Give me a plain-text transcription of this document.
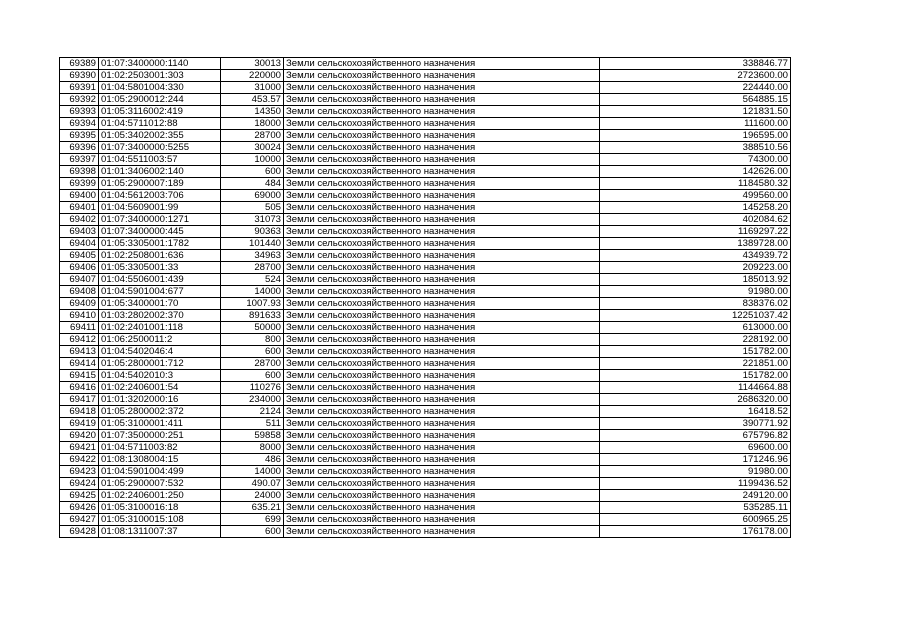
69389	01:07:3400000:1140	30013	Земли сельскохозяйственного назначения	338846.77
69390	01:02:2503001:303	220000	Земли сельскохозяйственного назначения	2723600.00
69391	01:04:5801004:330	31000	Земли сельскохозяйственного назначения	224440.00
69392	01:05:2900012:244	453.57	Земли сельскохозяйственного назначения	564885.15
69393	01:05:3116002:419	14350	Земли сельскохозяйственного назначения	121831.50
69394	01:04:5711012:88	18000	Земли сельскохозяйственного назначения	111600.00
69395	01:05:3402002:355	28700	Земли сельскохозяйственного назначения	196595.00
69396	01:07:3400000:5255	30024	Земли сельскохозяйственного назначения	388510.56
69397	01:04:5511003:57	10000	Земли сельскохозяйственного назначения	74300.00
69398	01:01:3406002:140	600	Земли сельскохозяйственного назначения	142626.00
69399	01:05:2900007:189	484	Земли сельскохозяйственного назначения	1184580.32
69400	01:04:5612003:706	69000	Земли сельскохозяйственного назначения	499560.00
69401	01:04:5609001:99	505	Земли сельскохозяйственного назначения	145258.20
69402	01:07:3400000:1271	31073	Земли сельскохозяйственного назначения	402084.62
69403	01:07:3400000:445	90363	Земли сельскохозяйственного назначения	1169297.22
69404	01:05:3305001:1782	101440	Земли сельскохозяйственного назначения	1389728.00
69405	01:02:2508001:636	34963	Земли сельскохозяйственного назначения	434939.72
69406	01:05:3305001:33	28700	Земли сельскохозяйственного назначения	209223.00
69407	01:04:5506001:439	524	Земли сельскохозяйственного назначения	185013.92
69408	01:04:5901004:677	14000	Земли сельскохозяйственного назначения	91980.00
69409	01:05:3400001:70	1007.93	Земли сельскохозяйственного назначения	838376.02
69410	01:03:2802002:370	891633	Земли сельскохозяйственного назначения	12251037.42
69411	01:02:2401001:118	50000	Земли сельскохозяйственного назначения	613000.00
69412	01:06:2500011:2	800	Земли сельскохозяйственного назначения	228192.00
69413	01:04:5402046:4	600	Земли сельскохозяйственного назначения	151782.00
69414	01:05:2800001:712	28700	Земли сельскохозяйственного назначения	221851.00
69415	01:04:5402010:3	600	Земли сельскохозяйственного назначения	151782.00
69416	01:02:2406001:54	110276	Земли сельскохозяйственного назначения	1144664.88
69417	01:01:3202000:16	234000	Земли сельскохозяйственного назначения	2686320.00
69418	01:05:2800002:372	2124	Земли сельскохозяйственного назначения	16418.52
69419	01:05:3100001:411	511	Земли сельскохозяйственного назначения	390771.92
69420	01:07:3500000:251	59858	Земли сельскохозяйственного назначения	675796.82
69421	01:04:5711003:82	8000	Земли сельскохозяйственного назначения	69600.00
69422	01:08:1308004:15	486	Земли сельскохозяйственного назначения	171246.96
69423	01:04:5901004:499	14000	Земли сельскохозяйственного назначения	91980.00
69424	01:05:2900007:532	490.07	Земли сельскохозяйственного назначения	1199436.52
69425	01:02:2406001:250	24000	Земли сельскохозяйственного назначения	249120.00
69426	01:05:3100016:18	635.21	Земли сельскохозяйственного назначения	535285.11
69427	01:05:3100015:108	699	Земли сельскохозяйственного назначения	600965.25
69428	01:08:1311007:37	600	Земли сельскохозяйственного назначения	176178.00
